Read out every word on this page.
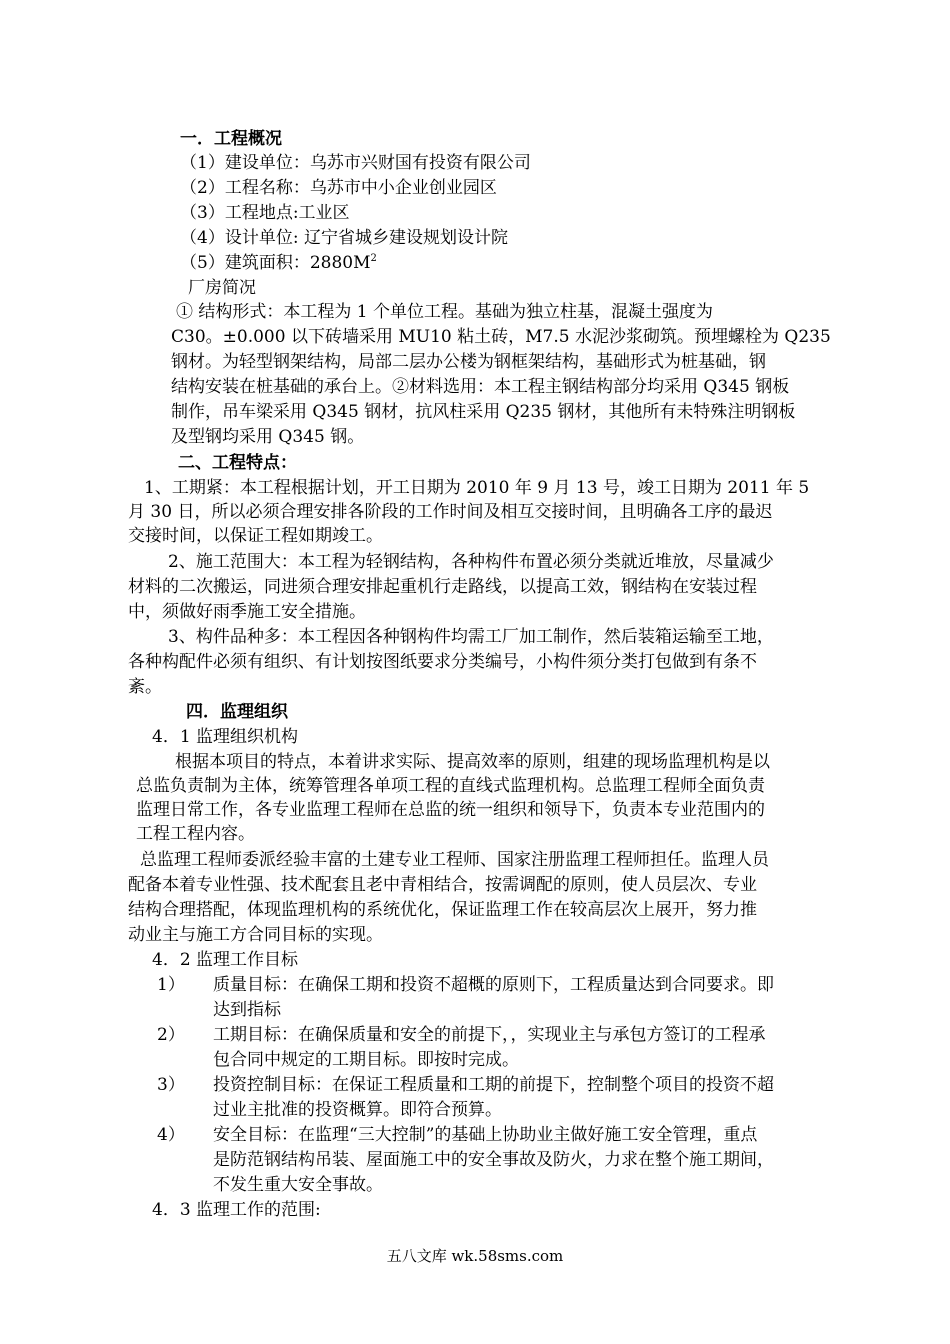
一．工程概况
（1）建设单位：乌苏市兴财国有投资有限公司
（2）工程名称：乌苏市中小企业创业园区
（3）工程地点:工业区
（4）设计单位: 辽宁省城乡建设规划设计院
（5）建筑面积：$2880M^2$
厂房简况
① 结构形式：本工程为 1 个单位工程。基础为独立柱基，混凝土强度为
C30。±0.000 以下砖墙采用 MU10 粘土砖，M7.5 水泥沙浆砌筑。预埋螺栓为 Q235
钢材。为轻型钢架结构，局部二层办公楼为钢框架结构，基础形式为桩基础，钢
结构安装在桩基础的承台上。②材料选用：本工程主钢结构部分均采用 Q345 钢板
制作，吊车梁采用 Q345 钢材，抗风柱采用 Q235 钢材，其他所有未特殊注明钢板
及型钢均采用 Q345 钢。
二、工程特点：
1、工期紧：本工程根据计划，开工日期为 2010 年 9 月 13 号，竣工日期为 2011 年 5
月 30 日，所以必须合理安排各阶段的工作时间及相互交接时间，且明确各工序的最迟
交接时间，以保证工程如期竣工。
2、施工范围大：本工程为轻钢结构，各种构件布置必须分类就近堆放，尽量减少
材料的二次搬运，同进须合理安排起重机行走路线，以提高工效，钢结构在安装过程
中，须做好雨季施工安全措施。
3、构件品种多：本工程因各种钢构件均需工厂加工制作，然后装箱运输至工地，
各种构配件必须有组织、有计划按图纸要求分类编号，小构件须分类打包做到有条不
紊。
四．监理组织
4．1 监理组织机构
根据本项目的特点，本着讲求实际、提高效率的原则，组建的现场监理机构是以
总监负责制为主体，统筹管理各单项工程的直线式监理机构。总监理工程师全面负责
监理日常工作，各专业监理工程师在总监的统一组织和领导下，负责本专业范围内的
工程工程内容。
总监理工程师委派经验丰富的土建专业工程师、国家注册监理工程师担任。监理人员
配备本着专业性强、技术配套且老中青相结合，按需调配的原则，使人员层次、专业
结构合理搭配，体现监理机构的系统优化，保证监理工作在较高层次上展开，努力推
动业主与施工方合同目标的实现。
4．2 监理工作目标
1） 质量目标：在确保工期和投资不超概的原则下，工程质量达到合同要求。即
达到指标
2） 工期目标：在确保质量和安全的前提下，，实现业主与承包方签订的工程承
包合同中规定的工期目标。即按时完成。
3） 投资控制目标：在保证工程质量和工期的前提下，控制整个项目的投资不超
过业主批准的投资概算。即符合预算。
4） 安全目标：在监理“三大控制”的基础上协助业主做好施工安全管理，重点
是防范钢结构吊装、屋面施工中的安全事故及防火，力求在整个施工期间，
不发生重大安全事故。
4．3 监理工作的范围:
五八文库 wk.58sms.com
